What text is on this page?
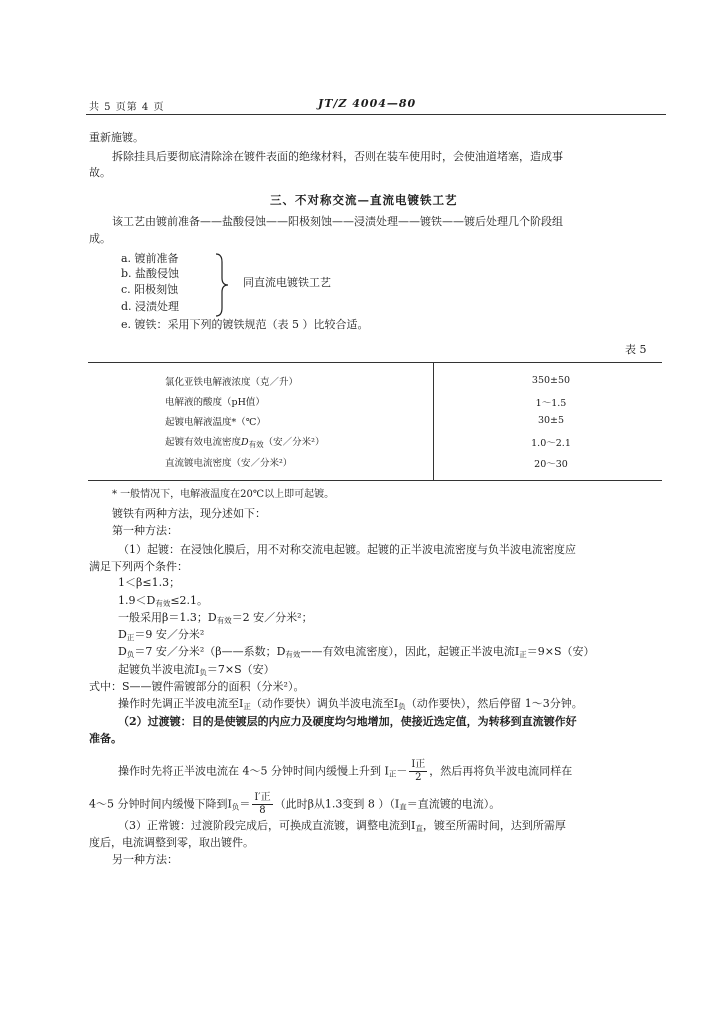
共 5 页第 4 页	JT/Z 4004—80
重新施镀。
拆除挂具后要彻底清除涂在镀件表面的绝缘材料，否则在装车使用时，会使油道堵塞，造成事
故。
三、不对称交流—直流电镀铁工艺
该工艺由镀前准备——盐酸侵蚀——阳极刻蚀——浸渍处理——镀铁——镀后处理几个阶段组
成。
a. 镀前准备
b. 盐酸侵蚀
c. 阳极刻蚀
d. 浸渍处理
同直流电镀铁工艺
e. 镀铁：采用下列的镀铁规范（表 5 ）比较合适。
表 5
氯化亚铁电解液浓度（克／升）	350±50
电解液的酸度（pH值）	1～1.5
起镀电解液温度*（℃）	30±5
起镀有效电流密度$D_{有效}$（安／分米²）	1.0～2.1
直流镀电流密度（安／分米²）	20～30
* 一般情况下，电解液温度在20℃以上即可起镀。
镀铁有两种方法，现分述如下：
第一种方法：
（1）起镀：在浸蚀化膜后，用不对称交流电起镀。起镀的正半波电流密度与负半波电流密度应
满足下列两个条件：
1＜β≤1.3；
$1.9<D_{有效}\le 2.1$。
一般采用β＝1.3；$D_{有效}=2$ 安／分米²；
$D_正=9$ 安／分米²
$D_负=7$ 安／分米²（β——系数；$D_{有效}——$有效电流密度），因此，起镀正半波电流$I_正=9\times S$（安）
起镀负半波电流$I_负=7\times S$（安）
式中：S——镀件需镀部分的面积（分米²）。
操作时先调正半波电流至$I_正$（动作要快）调负半波电流至$I_负$（动作要快），然后停留 1～3分钟。
（2）过渡镀：目的是使镀层的内应力及硬度均匀地增加，使接近选定值，为转移到直流镀作好
准备。
操作时先将正半波电流在 4～5 分钟时间内缓慢上升到 $I_正- \frac{\text{I正}}{2}$ ，然后再将负半波电流同样在
4～5 分钟时间内缓慢下降到$I_负= \frac{\text{I′正}}{8}$ （此时β从1.3变到 8 ）（$I_直=$直流镀的电流）。
（3）正常镀：过渡阶段完成后，可换成直流镀，调整电流到$I_直$，镀至所需时间，达到所需厚
度后，电流调整到零，取出镀件。
另一种方法：
